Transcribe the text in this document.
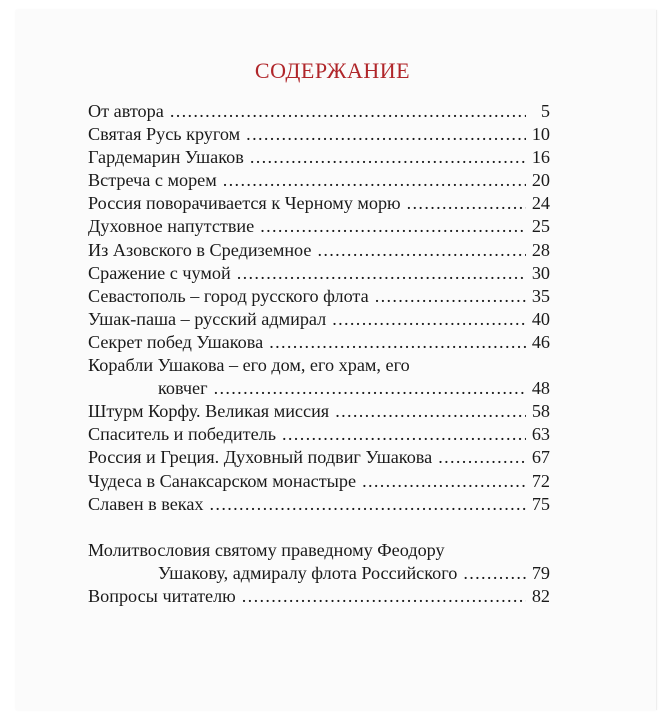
СОДЕРЖАНИЕ
От автора . . .	5
Святая Русь кругом . . .	10
Гардемарин Ушаков . . .	16
Встреча с морем . . .	20
Россия поворачивается к Черному морю . . .	24
Духовное напутствие . . .	25
Из Азовского в Средиземное . . .	28
Сражение с чумой . . .	30
Севастополь – город русского флота . . .	35
Ушак-паша – русский адмирал . . .	40
Секрет побед Ушакова . . .	46
Корабли Ушакова – его дом, его храм, его
ковчег . . .	48
Штурм Корфу. Великая миссия . . .	58
Спаситель и победитель . . .	63
Россия и Греция. Духовный подвиг Ушакова . . .	67
Чудеса в Санаксарском монастыре . . .	72
Славен в веках . . .	75
Молитвословия святому праведному Феодору
Ушакову, адмиралу флота Российского . . .	79
Вопросы читателю . . .	82
